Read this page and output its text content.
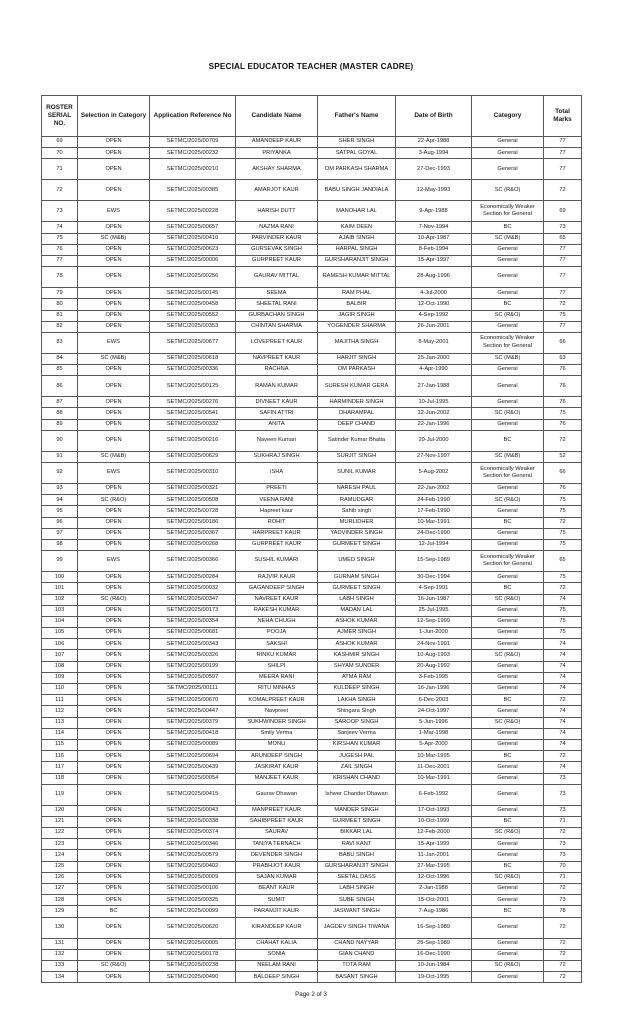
SPECIAL EDUCATOR TEACHER (MASTER CADRE)
ROSTER SERIAL NO.	Selection in Category	Application Reference No	Candidate Name	Father's Name	Date of Birth	Category	Total Marks
69	OPEN	SETMC/2025/00709	AMANDEEP KAUR	SHER SINGH	22-Apr-1988	General	77
70	OPEN	SETMC/2025/00232	PRIYANKA	SATPAL GOYAL	3-Aug-1994	General	77
71	OPEN	SETMC/2025/00210	AKSHAY SHARMA	OM PARKASH SHARMA	27-Dec-1993	General	77
72	OPEN	SETMC/2025/00385	AMARJOT KAUR	BABU SINGH JANDIALA	12-May-1993	SC (R&O)	72
73	EWS	SETMC/2025/00228	HARISH DUTT	MANOHAR LAL	9-Apr-1988	Economically Weaker Section for General	69
74	OPEN	SETMC/2025/00657	NAZMA RANI	KAIM DEEN	7-Nov-1994	BC	73
75	SC (M&B)	SETMC/2025/00410	PARVINDER KAUR	AJAIB SINGH	10-Apr-1987	SC (M&B)	65
76	OPEN	SETMC/2025/00623	GURSEVAK SINGH	HARPAL SINGH	8-Feb-1994	General	77
77	OPEN	SETMC/2025/00006	GURPREET KAUR	GURSHARANJIT SINGH	15-Apr-1997	General	77
78	OPEN	SETMC/2025/00256	GAURAV MITTAL	RAMESH KUMAR MITTAL	28-Aug-1996	General	77
79	OPEN	SETMC/2025/00145	SEEMA	RAM PHAL	4-Jul-2000	General	77
80	OPEN	SETMC/2025/00458	SHEETAL RANI	BALBIR	12-Oct-1990	BC	72
81	OPEN	SETMC/2025/00552	GURBACHAN SINGH	JAGIR SINGH	4-Sep-1992	SC (R&O)	75
82	OPEN	SETMC/2025/00353	CHINTAN SHARMA	YOGENDER SHARMA	26-Jun-2001	General	77
83	EWS	SETMC/2025/00677	LOVEPREET KAUR	MAJITHA SINGH	8-May-2001	Economically Weaker Section for General	66
84	SC (M&B)	SETMC/2025/00618	NAVPREET KAUR	HARJIT SINGH	25-Jan-2000	SC (M&B)	63
85	OPEN	SETMC/2025/00336	RACHNA	OM PARKASH	4-Apr-1990	General	76
86	OPEN	SETMC/2025/00125	RAMAN KUMAR	SURESH KUMAR GERA	27-Jan-1988	General	76
87	OPEN	SETMC/2025/00276	DIVNEET KAUR	HARMINDER SINGH	10-Jul-1995	General	76
88	OPEN	SETMC/2025/00541	SAFIN ATTRI	DHARAMPAL	12-Jun-2002	SC (R&O)	75
89	OPEN	SETMC/2025/00332	ANITA	DEEP CHAND	22-Jan-1996	General	76
90	OPEN	SETMC/2025/00216	Naveen Kumari	Satinder Kumar Bhatia	20-Jul-2000	BC	72
91	SC (M&B)	SETMC/2025/00629	SUKHRAJ SINGH	SURJIT SINGH	27-Nov-1997	SC (M&B)	52
92	EWS	SETMC/2025/00310	ISHA	SUNIL KUMAR	5-Aug-2002	Economically Weaker Section for General	66
93	OPEN	SETMC/2025/00321	PREETI	NARESH PAUL	22-Jan-2002	General	76
94	SC (R&O)	SETMC/2025/00508	VEENA RANI	RAMUDGAR	24-Feb-1990	SC (R&O)	75
95	OPEN	SETMC/2025/00728	Hapreet kaur	Sahib singh	17-Feb-1990	General	75
96	OPEN	SETMC/2025/00186	ROHIT	MURLIDHER	10-Mar-1991	BC	72
97	OPEN	SETMC/2025/00367	HARPREET KAUR	YADVINDER SINGH	24-Dec-1990	General	75
98	OPEN	SETMC/2025/00268	GURPREET KAUR	GURMEET SINGH	12-Jul-1994	General	75
99	EWS	SETMC/2025/00366	SUSHIL KUMARI	UMED SINGH	15-Sep-1989	Economically Weaker Section for General	65
100	OPEN	SETMC/2025/00284	RAJVIR KAUR	GURNAM SINGH	30-Dec-1994	General	75
101	OPEN	SETMC/2025/00032	GAGANDEEP SINGH	GURMEET SINGH	4-Sep-1991	BC	72
102	SC (R&O)	SETMC/2025/00347	NAVREET KAUR	LABH SINGH	16-Jun-1987	SC (R&O)	74
103	OPEN	SETMC/2025/00173	RAKESH KUMAR	MADAN LAL	25-Jul-1995	General	75
104	OPEN	SETMC/2025/00354	NEHA CHUGH	ASHOK KUMAR	12-Sep-1999	General	75
105	OPEN	SETMC/2025/00681	POOJA	AJMER SINGH	1-Jun-2000	General	75
106	OPEN	SETMC/2025/00343	SAKSHI	ASHOK KUMAR	24-Nov-1991	General	74
107	OPEN	SETMC/2025/00326	RINKU KUMAR	KASHMIR SINGH	10-Aug-1993	SC (R&O)	74
108	OPEN	SETMC/2025/00199	SHILPI	SHYAM SUNDER	20-Aug-1992	General	74
109	OPEN	SETMC/2025/00597	MEERA RANI	ATMA RAM	3-Feb-1995	General	74
110	OPEN	SETMC/2025/00111	RITU MINHAS	KULDEEP SINGH	16-Jan-1996	General	74
111	OPEN	SETMC/2025/00670	KOMALPREET KAUR	LAKHA SINGH	6-Dec-2003	BC	72
112	OPEN	SETMC/2025/00447	Navpreet	Shingara Singh	24-Oct-1997	General	74
113	OPEN	SETMC/2025/00379	SUKHWINDER SINGH	SAROOP SINGH	5-Jun-1996	SC (R&O)	74
114	OPEN	SETMC/2025/00418	Smily Verma	Sanjeev Verma	1-Mar-1998	General	74
115	OPEN	SETMC/2025/00089	MONU	KIRSHAN KUMAR	5-Apr-2000	General	74
116	OPEN	SETMC/2025/00694	ARUNDEEP SINGH	JUGESH PAL	10-Mar-1995	BC	72
117	OPEN	SETMC/2025/00439	JASKIRAT KAUR	ZAIL SINGH	11-Dec-2001	General	74
118	OPEN	SETMC/2025/00054	MANJEET KAUR	KRISHAN CHAND	10-Mar-1991	General	73
119	OPEN	SETMC/2025/00415	Gaurav Dhawan	Ishwer Chander Dhawan	6-Feb-1992	General	73
120	OPEN	SETMC/2025/00043	MANPREET KAUR	MANDER SINGH	17-Oct-1993	General	73
121	OPEN	SETMC/2025/00338	SAHIBPREET KAUR	GURMEET SINGH	10-Oct-1999	BC	71
122	OPEN	SETMC/2025/00374	SAURAV	BIKKAR LAL	12-Feb-2000	SC (R&O)	72
123	OPEN	SETMC/2025/00346	TANIYA TERNACH	RAVI KANT	15-Apr-1999	General	73
124	OPEN	SETMC/2025/00579	DEVENDER SINGH	BABU SINGH	11-Jan-2001	General	73
125	OPEN	SETMC/2025/00402	PRABHJOT KAUR	GURSHARANJIT SINGH	27-Mar-1995	BC	70
126	OPEN	SETMC/2025/00009	SAJAN KUMAR	SEETAL DASS	12-Oct-1996	SC (R&O)	71
127	OPEN	SETMC/2025/00106	BEANT KAUR	LABH SINGH	2-Jan-1988	General	72
128	OPEN	SETMC/2025/00325	SUMIT	SUBE SINGH	15-Oct-2001	General	73
129	BC	SETMC/2025/00099	PARAMJIT KAUR	JASWANT SINGH	7-Aug-1986	BC	78
130	OPEN	SETMC/2025/00620	KIRANDEEP KAUR	JAGDEV SINGH TIWANA	16-Sep-1989	General	72
131	OPEN	SETMC/2025/00005	CHAHAT KALIA	CHAND NAYYAR	25-Sep-1989	General	72
132	OPEN	SETMC/2025/00178	SONIA	GIAN CHAND	16-Dec-1990	General	72
133	SC (R&O)	SETMC/2025/00238	NEELAM RANI	TOTA RAM	10-Jun-1984	SC (R&O)	72
134	OPEN	SETMC/2025/00490	BALDEEP SINGH	BASANT SINGH	19-Oct-1995	General	72
Page 2 of 3
